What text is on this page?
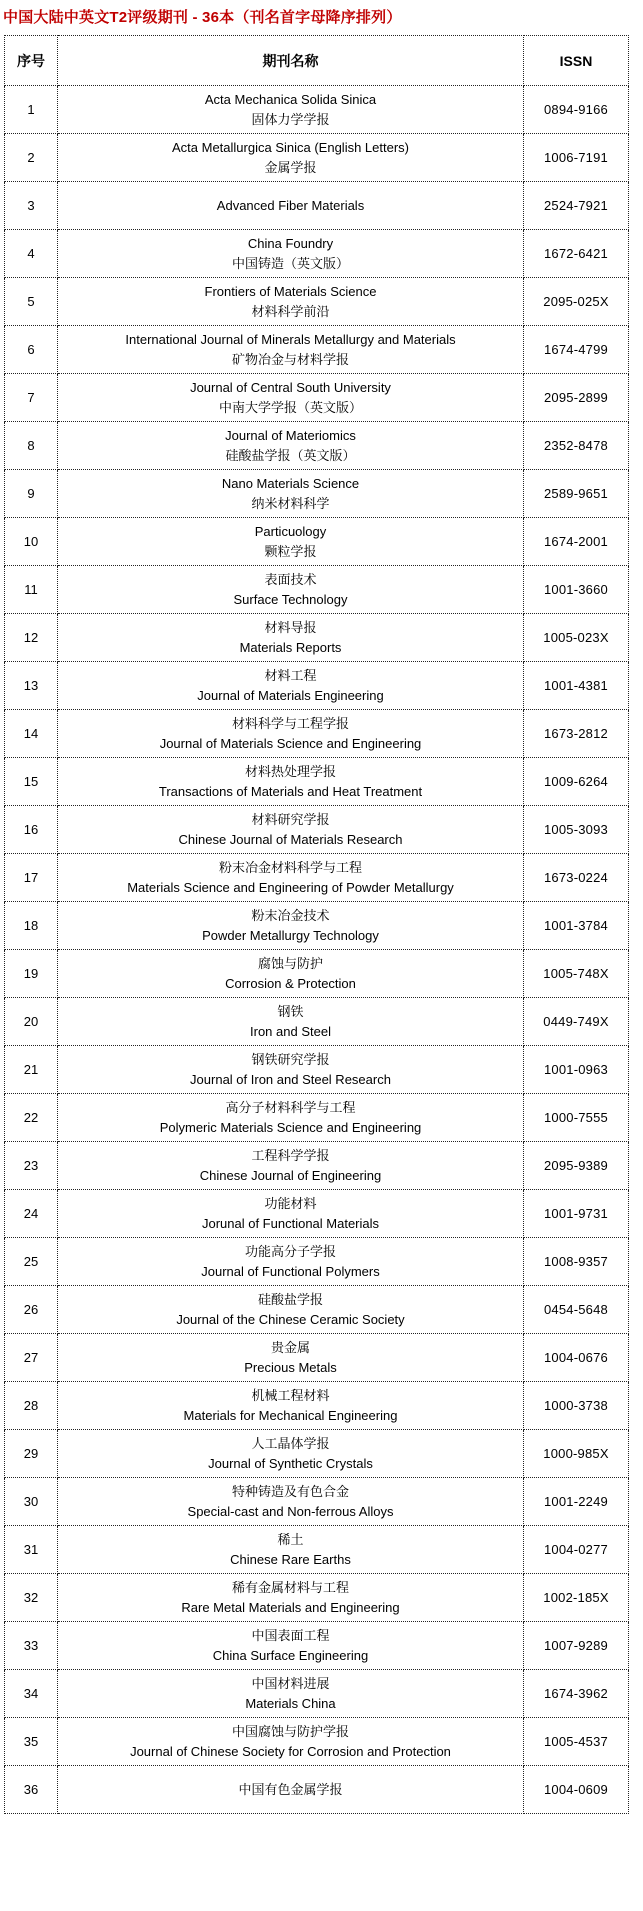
中国大陆中英文T2评级期刊 - 36本（刊名首字母降序排列）
序号	期刊名称	ISSN
1	Acta Mechanica Solida Sinica
固体力学学报	0894-9166
2	Acta Metallurgica Sinica (English Letters)
金属学报	1006-7191
3	Advanced Fiber Materials	2524-7921
4	China Foundry
中国铸造（英文版）	1672-6421
5	Frontiers of Materials Science
材料科学前沿	2095-025X
6	International Journal of Minerals Metallurgy and Materials
矿物冶金与材料学报	1674-4799
7	Journal of Central South University
中南大学学报（英文版）	2095-2899
8	Journal of Materiomics
硅酸盐学报（英文版）	2352-8478
9	Nano Materials Science
纳米材料科学	2589-9651
10	Particuology
颗粒学报	1674-2001
11	表面技术
Surface Technology	1001-3660
12	材料导报
Materials Reports	1005-023X
13	材料工程
Journal of Materials Engineering	1001-4381
14	材料科学与工程学报
Journal of Materials Science and Engineering	1673-2812
15	材料热处理学报
Transactions of Materials and Heat Treatment	1009-6264
16	材料研究学报
Chinese Journal of Materials Research	1005-3093
17	粉末冶金材料科学与工程
Materials Science and Engineering of Powder Metallurgy	1673-0224
18	粉末冶金技术
Powder Metallurgy Technology	1001-3784
19	腐蚀与防护
Corrosion & Protection	1005-748X
20	钢铁
Iron and Steel	0449-749X
21	钢铁研究学报
Journal of Iron and Steel Research	1001-0963
22	高分子材料科学与工程
Polymeric Materials Science and Engineering	1000-7555
23	工程科学学报
Chinese Journal of Engineering	2095-9389
24	功能材料
Jorunal of Functional Materials	1001-9731
25	功能高分子学报
Journal of Functional Polymers	1008-9357
26	硅酸盐学报
Journal of the Chinese Ceramic Society	0454-5648
27	贵金属
Precious Metals	1004-0676
28	机械工程材料
Materials for Mechanical Engineering	1000-3738
29	人工晶体学报
Journal of Synthetic Crystals	1000-985X
30	特种铸造及有色合金
Special-cast and Non-ferrous Alloys	1001-2249
31	稀土
Chinese Rare Earths	1004-0277
32	稀有金属材料与工程
Rare Metal Materials and Engineering	1002-185X
33	中国表面工程
China Surface Engineering	1007-9289
34	中国材料进展
Materials China	1674-3962
35	中国腐蚀与防护学报
Journal of Chinese Society for Corrosion and Protection	1005-4537
36	中国有色金属学报	1004-0609
